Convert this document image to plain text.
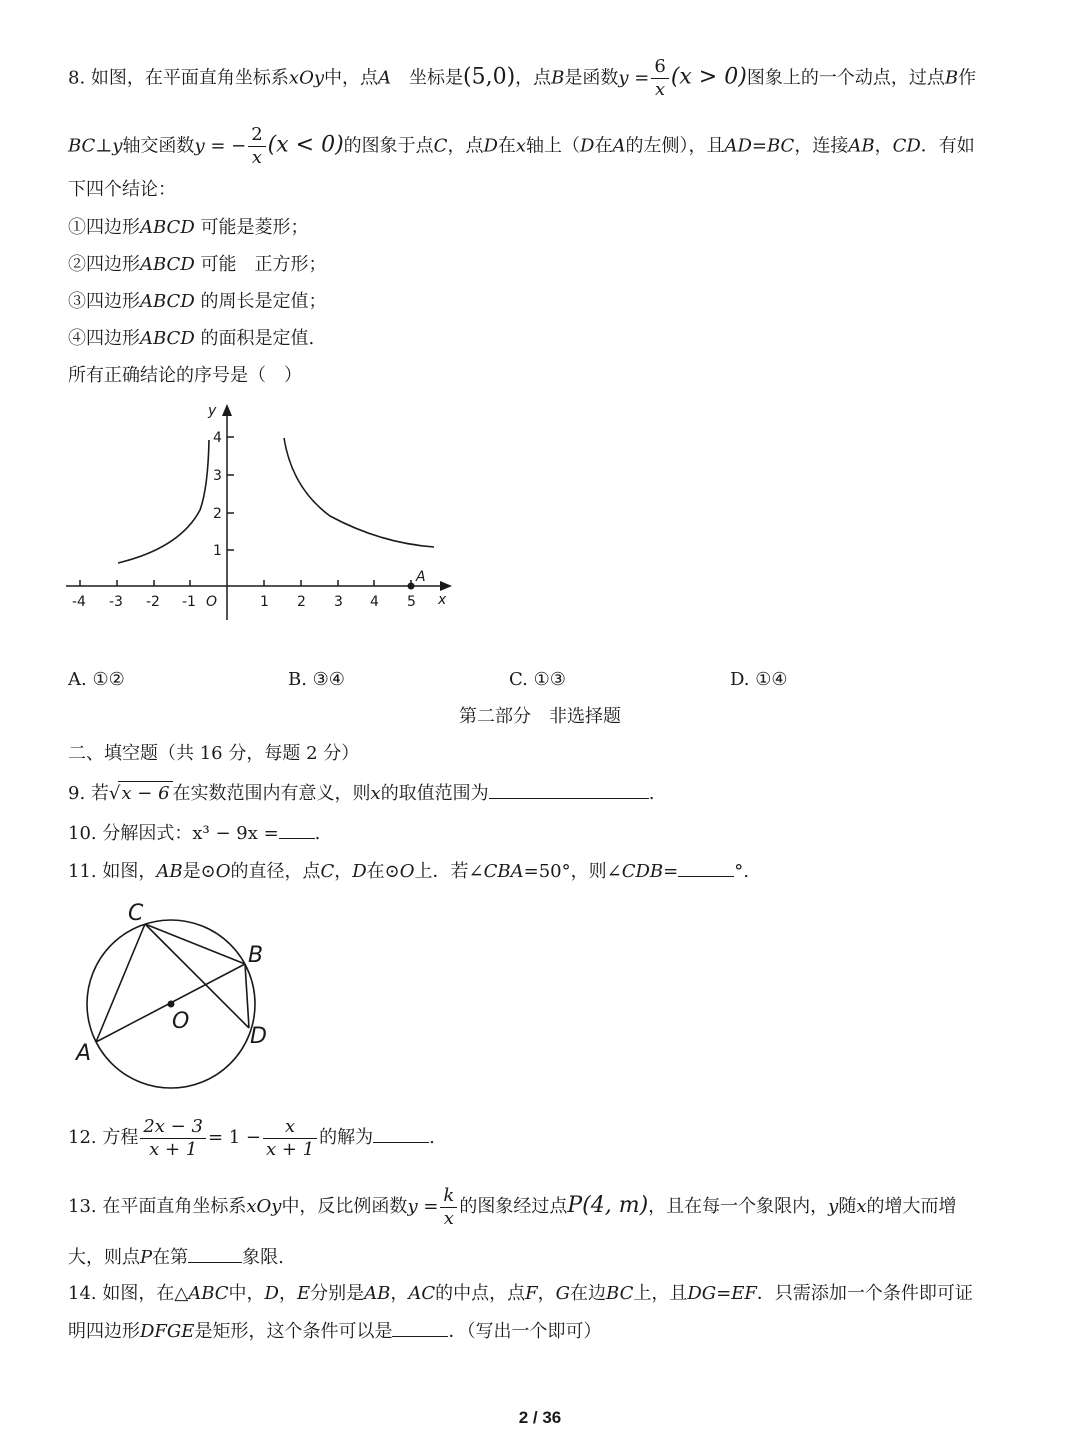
8. 如图，在平面直角坐标系xOy中，点A　 坐标是(5,0)，点B是函数$y = \frac{6}{x} (x > 0)$图象上的一个动点，过点B作
BC⊥y轴交函数y = − $\frac{2}{x} (x < 0)$的图象于点C，点D在x轴上（D在A的左侧），且AD=BC，连接AB，CD．有如
下四个结论：
①四边形ABCD 可能是菱形；
②四边形ABCD 可能　正方形；
③四边形ABCD 的周长是定值；
④四边形ABCD 的面积是定值.
所有正确结论的序号是（　）
y
x
O
A
-4 -3 -2 -1	1 2 3 4 5
1
2
3
4
A. ①②	B. ③④	C. ①③	D. ①④
第二部分　非选择题
二、填空题（共 16 分，每题 2 分）
9. 若√x − 6 在实数范围内有意义，则x的取值范围为	.
10. 分解因式：x³ − 9x = .
11. 如图，AB是⊙O的直径，点C，D在⊙O上．若∠CBA=50°，则∠CDB=	°.
C
B
O
A
D
12. 方程 $\frac{2x - 3}{x + 1} = 1 - \frac{x}{x + 1}$ 的解为	.
13. 在平面直角坐标系xOy中，反比例函数$y = \frac{k}{x}$ 的图象经过点P(4, m)，且在每一个象限内，y随x的增大而增
大，则点P在第	象限.
14. 如图，在△ABC中，D，E分别是AB，AC的中点，点F，G在边BC上，且DG=EF．只需添加一个条件即可证
明四边形DFGE是矩形，这个条件可以是	．（写出一个即可）
2 / 36
